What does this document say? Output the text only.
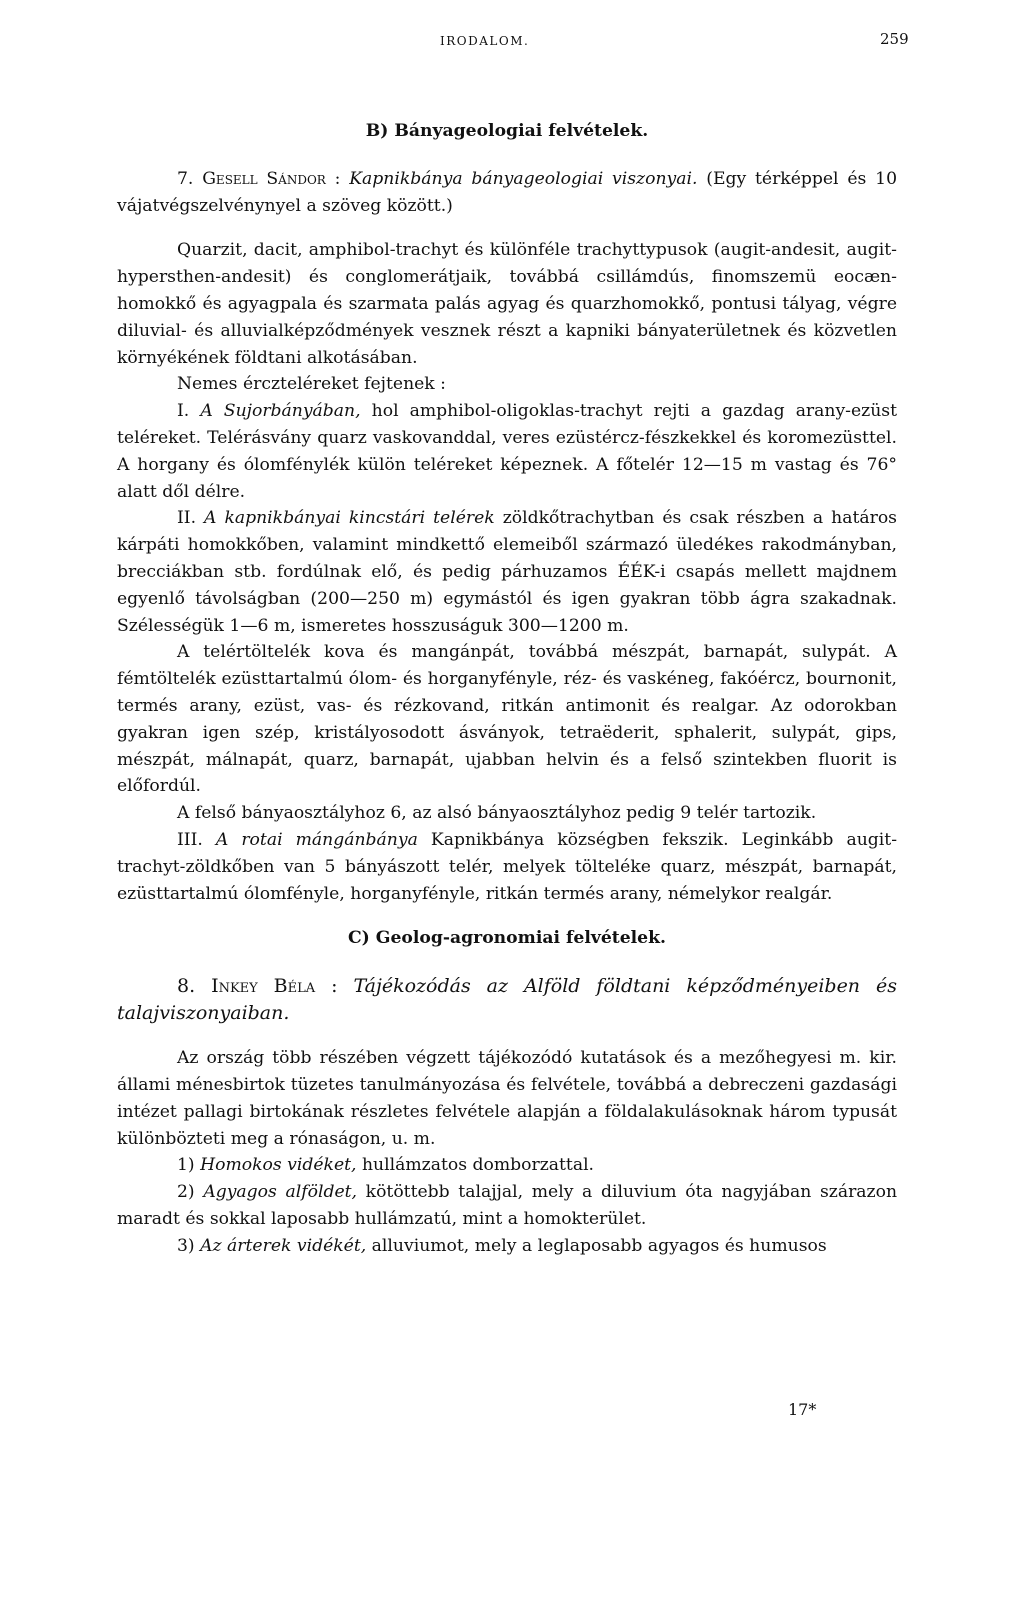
IRODALOM.	259
B) Bányageologiai felvételek.

7. Gesell Sándor : Kapnikbánya bányageologiai viszonyai. (Egy térképpel és 10 vájatvégszelvénynyel a szöveg között.)

Quarzit, dacit, amphibol-trachyt és különféle trachyttypusok (augit-andesit, augit-hypersthen-andesit) és conglomerátjaik, továbbá csillámdús, finomszemü eocæn-homokkő és agyagpala és szarmata palás agyag és quarzhomokkő, pontusi tályag, végre diluvial- és alluvialképződmények vesznek részt a kapniki bányaterületnek és közvetlen környékének földtani alkotásában.

Nemes érczteléreket fejtenek :

I. A Sujorbányában, hol amphibol-oligoklas-trachyt rejti a gazdag arany-ezüst teléreket. Telérásvány quarz vaskovanddal, veres ezüstércz-fészkekkel és koromezüsttel. A horgany és ólomfénylék külön teléreket képeznek. A főtelér 12—15 m vastag és 76° alatt dől délre.

II. A kapnikbányai kincstári telérek zöldkőtrachytban és csak részben a határos kárpáti homokkőben, valamint mindkettő elemeiből származó üledékes rakodmányban, brecciákban stb. fordúlnak elő, és pedig párhuzamos ÉÉK-i csapás mellett majdnem egyenlő távolságban (200—250 m) egymástól és igen gyakran több ágra szakadnak. Szélességük 1—6 m, ismeretes hosszuságuk 300—1200 m.

A telértöltelék kova és mangánpát, továbbá mészpát, barnapát, sulypát. A fémtöltelék ezüsttartalmú ólom- és horganyfényle, réz- és vaskéneg, fakóércz, bournonit, termés arany, ezüst, vas- és rézkovand, ritkán antimonit és realgar. Az odorokban gyakran igen szép, kristályosodott ásványok, tetraëderit, sphalerit, sulypát, gips, mészpát, málnapát, quarz, barnapát, ujabban helvin és a felső szintekben fluorit is előfordúl.

A felső bányaosztályhoz 6, az alsó bányaosztályhoz pedig 9 telér tartozik.

III. A rotai mángánbánya Kapnikbánya községben fekszik. Leginkább augit-trachyt-zöldkőben van 5 bányászott telér, melyek tölteléke quarz, mészpát, barnapát, ezüsttartalmú ólomfényle, horganyfényle, ritkán termés arany, némelykor realgár.

C) Geolog-agronomiai felvételek.

8. Inkey Béla : Tájékozódás az Alföld földtani képződményeiben és talajviszonyaiban.

Az ország több részében végzett tájékozódó kutatások és a mezőhegyesi m. kir. állami ménesbirtok tüzetes tanulmányozása és felvétele, továbbá a debreczeni gazdasági intézet pallagi birtokának részletes felvétele alapján a földalakulásoknak három typusát különbözteti meg a rónaságon, u. m.

1) Homokos vidéket, hullámzatos domborzattal.

2) Agyagos alföldet, kötöttebb talajjal, mely a diluvium óta nagyjában szárazon maradt és sokkal laposabb hullámzatú, mint a homokterület.

3) Az árterek vidékét, alluviumot, mely a leglaposabb agyagos és humusos

17*
